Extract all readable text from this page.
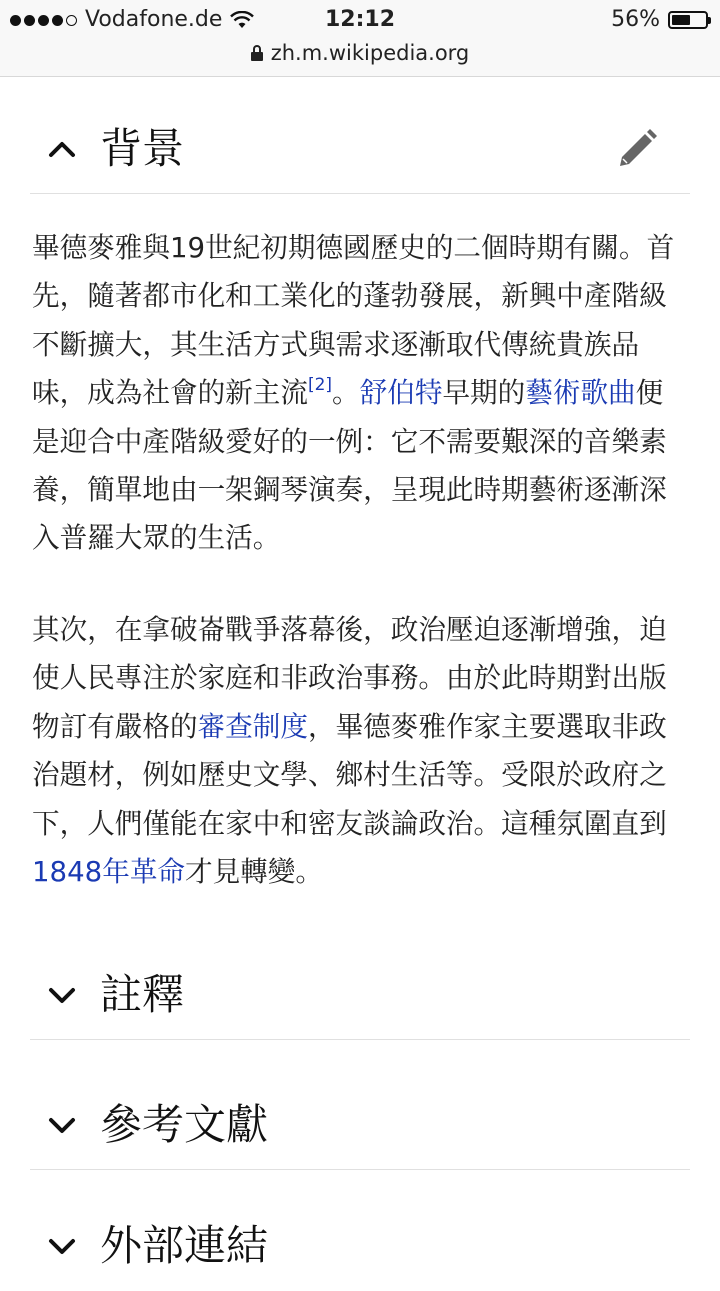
Vodafone.de	12:12	56%
zh.m.wikipedia.org
背景

畢德麥雅與19世紀初期德國歷史的二個時期有關。首先，隨著都市化和工業化的蓬勃發展，新興中產階級不斷擴大，其生活方式與需求逐漸取代傳統貴族品味，成為社會的新主流[2]。舒伯特早期的藝術歌曲便是迎合中產階級愛好的一例：它不需要艱深的音樂素養，簡單地由一架鋼琴演奏，呈現此時期藝術逐漸深入普羅大眾的生活。

其次，在拿破崙戰爭落幕後，政治壓迫逐漸增強，迫使人民專注於家庭和非政治事務。由於此時期對出版物訂有嚴格的審查制度，畢德麥雅作家主要選取非政治題材，例如歷史文學、鄉村生活等。受限於政府之下，人們僅能在家中和密友談論政治。這種氛圍直到1848年革命才見轉變。

註釋
參考文獻
外部連結
